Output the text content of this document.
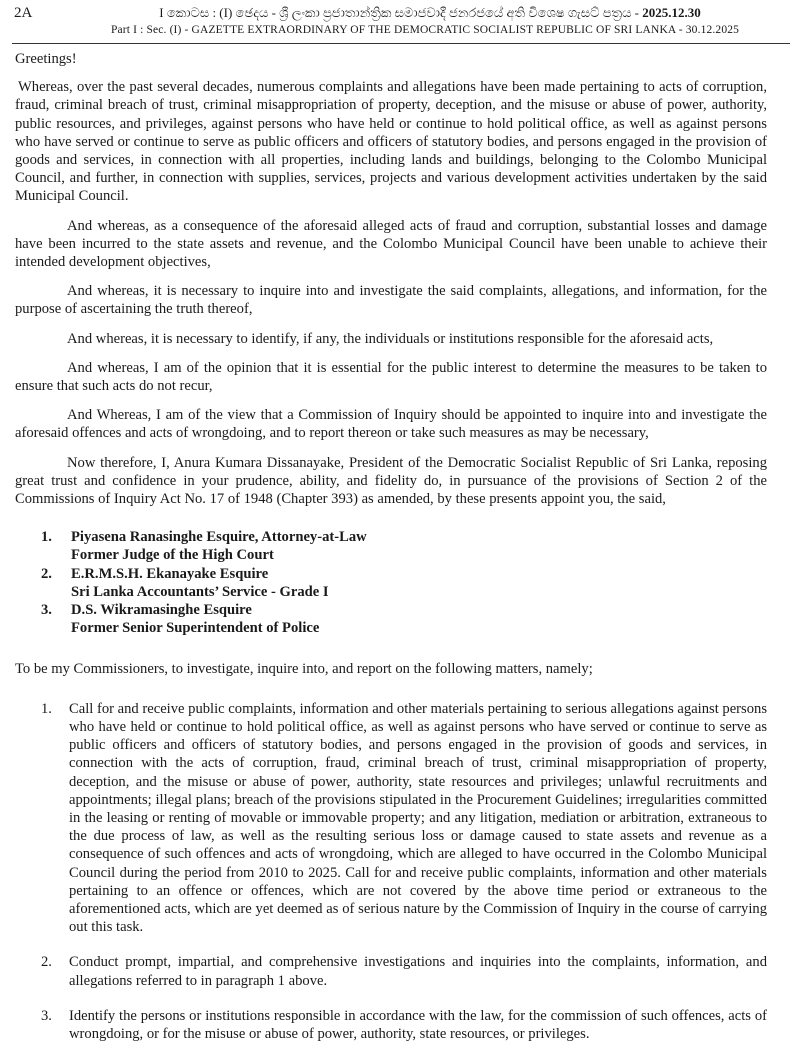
2A	I කොටස : (I) ඡෙදය - ශ්‍රී ලංකා ප්‍රජාතාන්ත්‍රික සමාජවාදී ජනරජයේ අති විශෙෂ ගැසට් පත්‍රය - 2025.12.30
Part I : Sec. (I) - GAZETTE EXTRAORDINARY OF THE DEMOCRATIC SOCIALIST REPUBLIC OF SRI LANKA - 30.12.2025

Greetings!

Whereas, over the past several decades, numerous complaints and allegations have been made pertaining to acts of corruption, fraud, criminal breach of trust, criminal misappropriation of property, deception, and the misuse or abuse of power, authority, public resources, and privileges, against persons who have held or continue to hold political office, as well as against persons who have served or continue to serve as public officers and officers of statutory bodies, and persons engaged in the provision of goods and services, in connection with all properties, including lands and buildings, belonging to the Colombo Municipal Council, and further, in connection with supplies, services, projects and various development activities undertaken by the said Municipal Council.

And whereas, as a consequence of the aforesaid alleged acts of fraud and corruption, substantial losses and damage have been incurred to the state assets and revenue, and the Colombo Municipal Council have been unable to achieve their intended development objectives,

And whereas, it is necessary to inquire into and investigate the said complaints, allegations, and information, for the purpose of ascertaining the truth thereof,

And whereas, it is necessary to identify, if any, the individuals or institutions responsible for the aforesaid acts,

And whereas, I am of the opinion that it is essential for the public interest to determine the measures to be taken to ensure that such acts do not recur,

And Whereas, I am of the view that a Commission of Inquiry should be appointed to inquire into and investigate the aforesaid offences and acts of wrongdoing, and to report thereon or take such measures as may be necessary,

Now therefore, I, Anura Kumara Dissanayake, President of the Democratic Socialist Republic of Sri Lanka, reposing great trust and confidence in your prudence, ability, and fidelity do, in pursuance of the provisions of Section 2 of the Commissions of Inquiry Act No. 17 of 1948 (Chapter 393) as amended, by these presents appoint you, the said,

1.	Piyasena Ranasinghe Esquire, Attorney-at-Law
Former Judge of the High Court
2.	E.R.M.S.H. Ekanayake Esquire
Sri Lanka Accountants’ Service - Grade I
3.	D.S. Wikramasinghe Esquire
Former Senior Superintendent of Police

To be my Commissioners, to investigate, inquire into, and report on the following matters, namely;

1.	Call for and receive public complaints, information and other materials pertaining to serious allegations against persons who have held or continue to hold political office, as well as against persons who have served or continue to serve as public officers and officers of statutory bodies, and persons engaged in the provision of goods and services, in connection with the acts of corruption, fraud, criminal breach of trust, criminal misappropriation of property, deception, and the misuse or abuse of power, authority, state resources and privileges; unlawful recruitments and appointments; illegal plans; breach of the provisions stipulated in the Procurement Guidelines; irregularities committed in the leasing or renting of movable or immovable property; and any litigation, mediation or arbitration, extraneous to the due process of law, as well as the resulting serious loss or damage caused to state assets and revenue as a consequence of such offences and acts of wrongdoing, which are alleged to have occurred in the Colombo Municipal Council during the period from 2010 to 2025. Call for and receive public complaints, information and other materials pertaining to an offence or offences, which are not covered by the above time period or extraneous to the aforementioned acts, which are yet deemed as of serious nature by the Commission of Inquiry in the course of carrying out this task.
2.	Conduct prompt, impartial, and comprehensive investigations and inquiries into the complaints, information, and allegations referred to in paragraph 1 above.
3.	Identify the persons or institutions responsible in accordance with the law, for the commission of such offences, acts of wrongdoing, or for the misuse or abuse of power, authority, state resources, or privileges.
